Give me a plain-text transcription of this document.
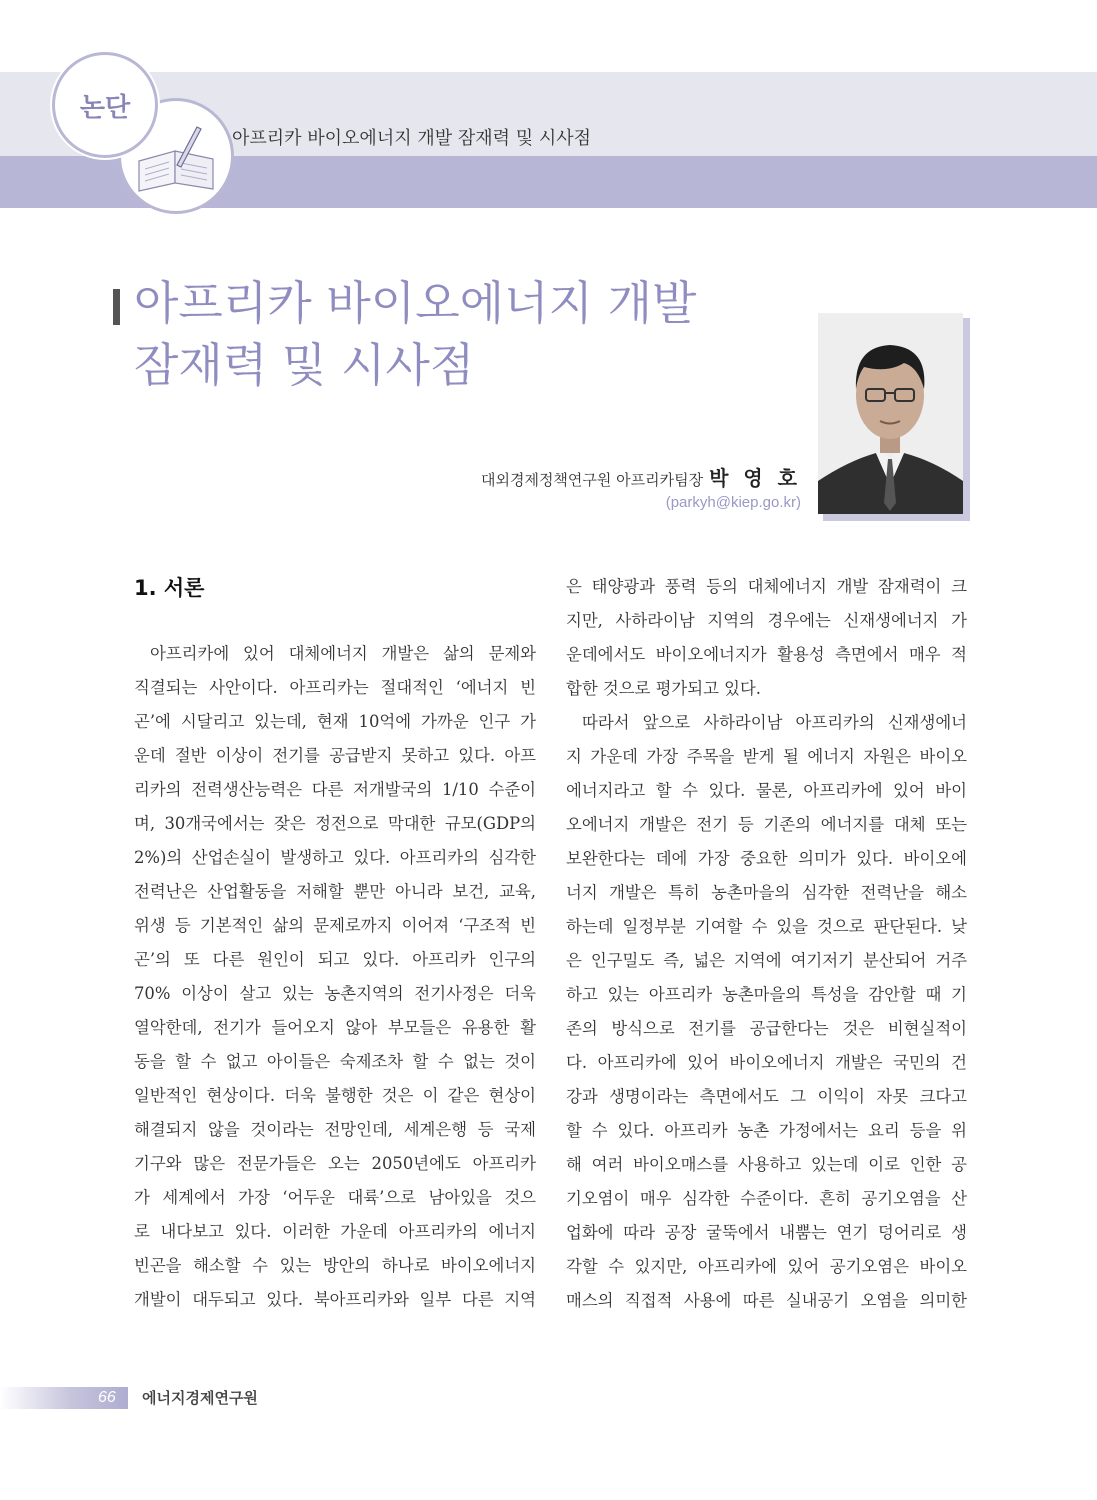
논단
아프리카 바이오에너지 개발 잠재력 및 시사점
아프리카 바이오에너지 개발
잠재력 및 시사점
대외경제정책연구원 아프리카팀장 박 영 호
(parkyh@kiep.go.kr)
1. 서론
아프리카에 있어 대체에너지 개발은 삶의 문제와
직결되는 사안이다. 아프리카는 절대적인 ‘에너지 빈
곤’에 시달리고 있는데, 현재 10억에 가까운 인구 가
운데 절반 이상이 전기를 공급받지 못하고 있다. 아프
리카의 전력생산능력은 다른 저개발국의 1/10 수준이
며, 30개국에서는 잦은 정전으로 막대한 규모(GDP의
2%)의 산업손실이 발생하고 있다. 아프리카의 심각한
전력난은 산업활동을 저해할 뿐만 아니라 보건, 교육,
위생 등 기본적인 삶의 문제로까지 이어져 ‘구조적 빈
곤’의 또 다른 원인이 되고 있다. 아프리카 인구의
70% 이상이 살고 있는 농촌지역의 전기사정은 더욱
열악한데, 전기가 들어오지 않아 부모들은 유용한 활
동을 할 수 없고 아이들은 숙제조차 할 수 없는 것이
일반적인 현상이다. 더욱 불행한 것은 이 같은 현상이
해결되지 않을 것이라는 전망인데, 세계은행 등 국제
기구와 많은 전문가들은 오는 2050년에도 아프리카
가 세계에서 가장 ‘어두운 대륙’으로 남아있을 것으
로 내다보고 있다. 이러한 가운데 아프리카의 에너지
빈곤을 해소할 수 있는 방안의 하나로 바이오에너지
개발이 대두되고 있다. 북아프리카와 일부 다른 지역
은 태양광과 풍력 등의 대체에너지 개발 잠재력이 크
지만, 사하라이남 지역의 경우에는 신재생에너지 가
운데에서도 바이오에너지가 활용성 측면에서 매우 적
합한 것으로 평가되고 있다.
따라서 앞으로 사하라이남 아프리카의 신재생에너
지 가운데 가장 주목을 받게 될 에너지 자원은 바이오
에너지라고 할 수 있다. 물론, 아프리카에 있어 바이
오에너지 개발은 전기 등 기존의 에너지를 대체 또는
보완한다는 데에 가장 중요한 의미가 있다. 바이오에
너지 개발은 특히 농촌마을의 심각한 전력난을 해소
하는데 일정부분 기여할 수 있을 것으로 판단된다. 낮
은 인구밀도 즉, 넓은 지역에 여기저기 분산되어 거주
하고 있는 아프리카 농촌마을의 특성을 감안할 때 기
존의 방식으로 전기를 공급한다는 것은 비현실적이
다. 아프리카에 있어 바이오에너지 개발은 국민의 건
강과 생명이라는 측면에서도 그 이익이 자못 크다고
할 수 있다. 아프리카 농촌 가정에서는 요리 등을 위
해 여러 바이오매스를 사용하고 있는데 이로 인한 공
기오염이 매우 심각한 수준이다. 흔히 공기오염을 산
업화에 따라 공장 굴뚝에서 내뿜는 연기 덩어리로 생
각할 수 있지만, 아프리카에 있어 공기오염은 바이오
매스의 직접적 사용에 따른 실내공기 오염을 의미한
66 에너지경제연구원
